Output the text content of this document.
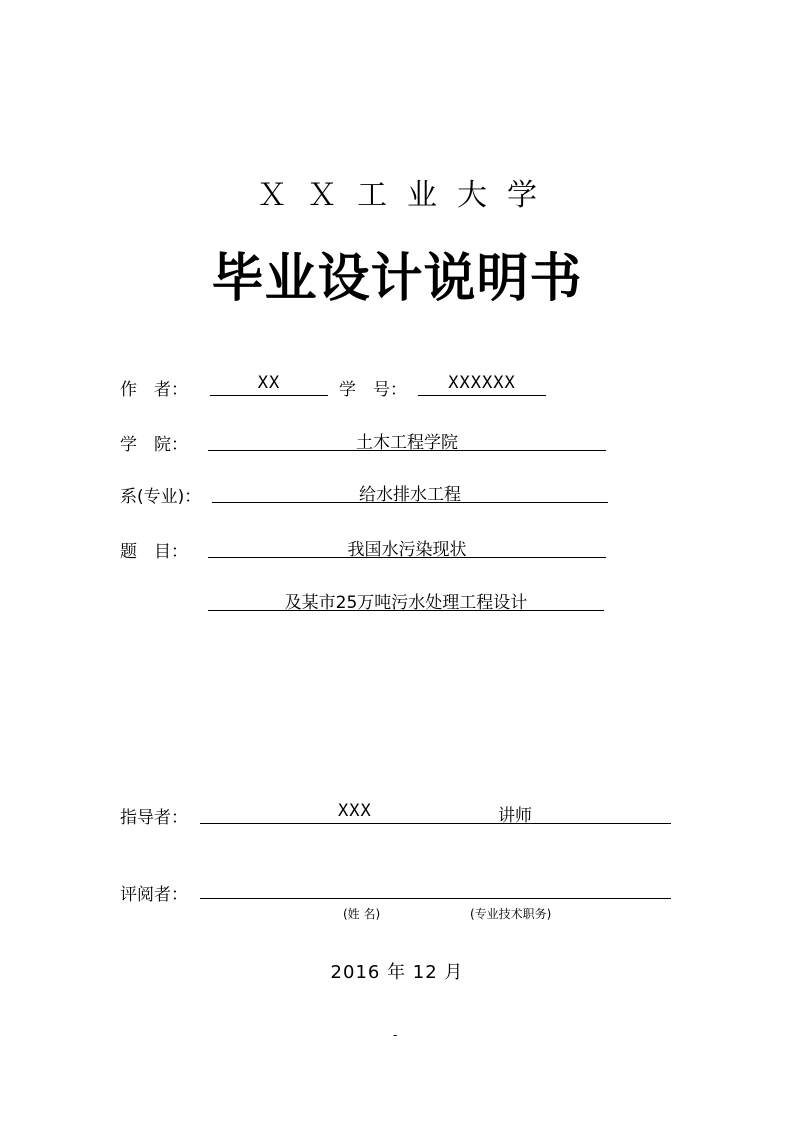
ＸＸ工业大学
毕业设计说明书
作　者：	XX	学　号：	XXXXXX
学　院：	土木工程学院
系(专业)：	给水排水工程
题　目：	我国水污染现状
及某市25万吨污水处理工程设计
指导者：	XXX	讲师
评阅者：
(姓 名)	(专业技术职务)
2016 年 12 月
-
